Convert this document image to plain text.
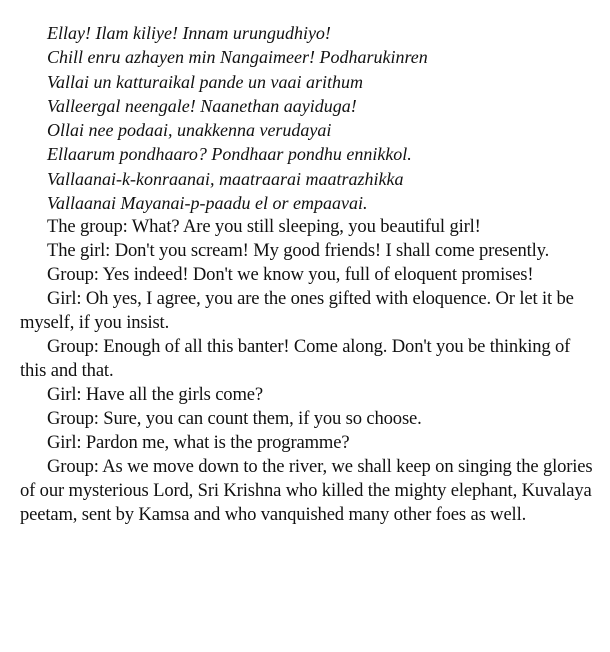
Ellay! Ilam kiliye! Innam urungudhiyo!
Chill enru azhayen min Nangaimeer! Podharukinren
Vallai un katturaikal pande un vaai arithum
Valleergal neengale! Naanethan aayiduga!
Ollai nee podaai, unakkenna verudayai
Ellaarum pondhaaro? Pondhaar pondhu ennikkol.
Vallaanai-k-konraanai, maatraarai maatrazhikka
Vallaanai Mayanai-p-paadu el or empaavai.
The group: What? Are you still sleeping, you beautiful girl!
The girl: Don't you scream! My good friends! I shall come presently.
Group: Yes indeed! Don't we know you, full of eloquent promises!
Girl: Oh yes, I agree, you are the ones gifted with eloquence. Or let it be myself, if you insist.
Group: Enough of all this banter! Come along. Don't you be thinking of this and that.
Girl: Have all the girls come?
Group: Sure, you can count them, if you so choose.
Girl: Pardon me, what is the programme?
Group: As we move down to the river, we shall keep on singing the glories of our mysterious Lord, Sri Krishna who killed the mighty elephant, Kuvalaya peetam, sent by Kamsa and who vanquished many other foes as well.
